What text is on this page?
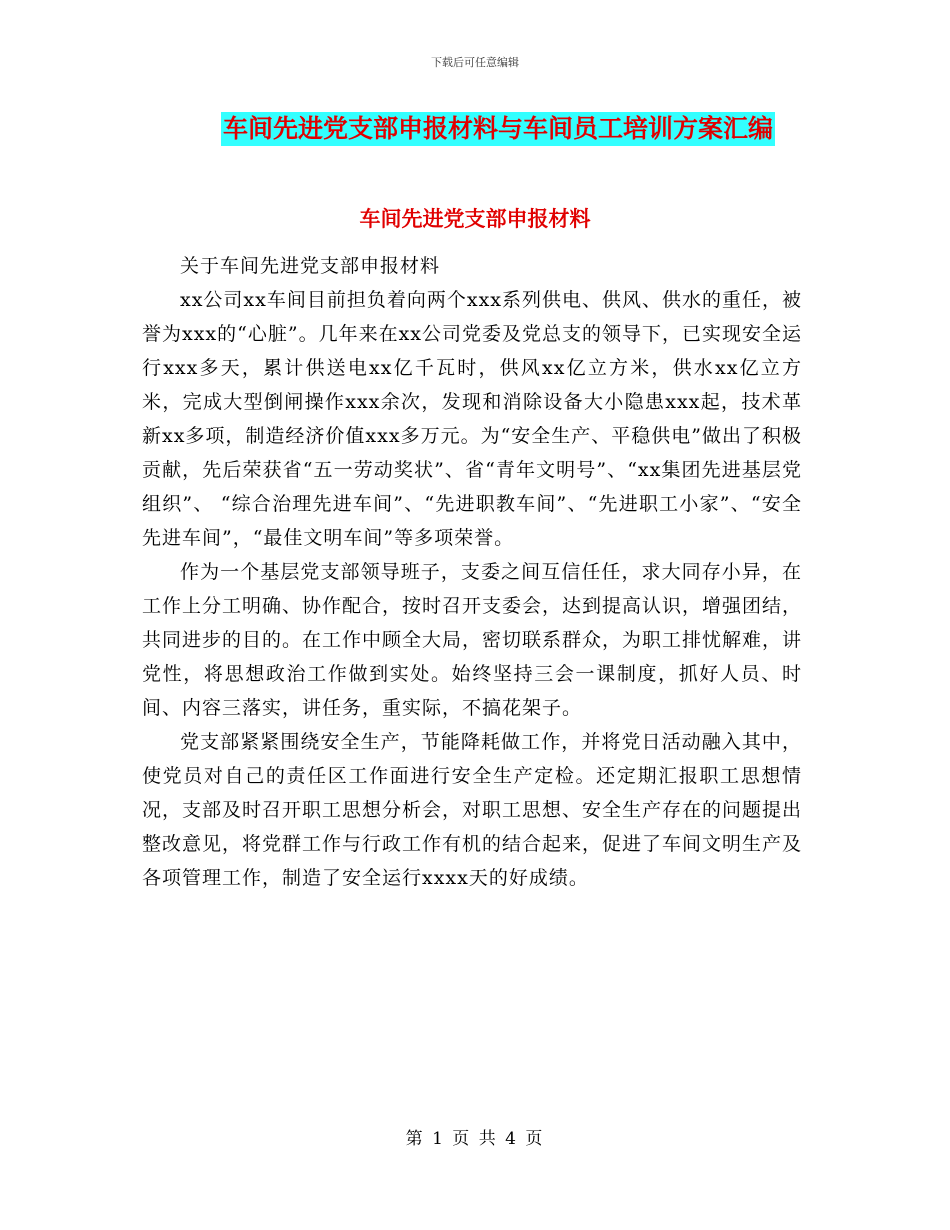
下载后可任意编辑
车间先进党支部申报材料与车间员工培训方案汇编
车间先进党支部申报材料

关于车间先进党支部申报材料

xx公司xx车间目前担负着向两个xxx系列供电、供风、供水的重任，被誉为xxx的“心脏”。几年来在xx公司党委及党总支的领导下，已实现安全运行xxx多天，累计供送电xx亿千瓦时，供风xx亿立方米，供水xx亿立方米，完成大型倒闸操作xxx余次，发现和消除设备大小隐患xxx起，技术革新xx多项，制造经济价值xxx多万元。为“安全生产、平稳供电”做出了积极贡献，先后荣获省“五一劳动奖状”、省“青年文明号”、“xx集团先进基层党组织”、 “综合治理先进车间”、“先进职教车间”、“先进职工小家”、“安全先进车间”，“最佳文明车间”等多项荣誉。

作为一个基层党支部领导班子，支委之间互信任任，求大同存小异，在工作上分工明确、协作配合，按时召开支委会，达到提高认识，增强团结，共同进步的目的。在工作中顾全大局，密切联系群众，为职工排忧解难，讲党性，将思想政治工作做到实处。始终坚持三会一课制度，抓好人员、时间、内容三落实，讲任务，重实际，不搞花架子。

党支部紧紧围绕安全生产，节能降耗做工作，并将党日活动融入其中，使党员对自己的责任区工作面进行安全生产定检。还定期汇报职工思想情况，支部及时召开职工思想分析会，对职工思想、安全生产存在的问题提出整改意见，将党群工作与行政工作有机的结合起来，促进了车间文明生产及各项管理工作，制造了安全运行xxxx天的好成绩。

第 1 页 共 4 页
